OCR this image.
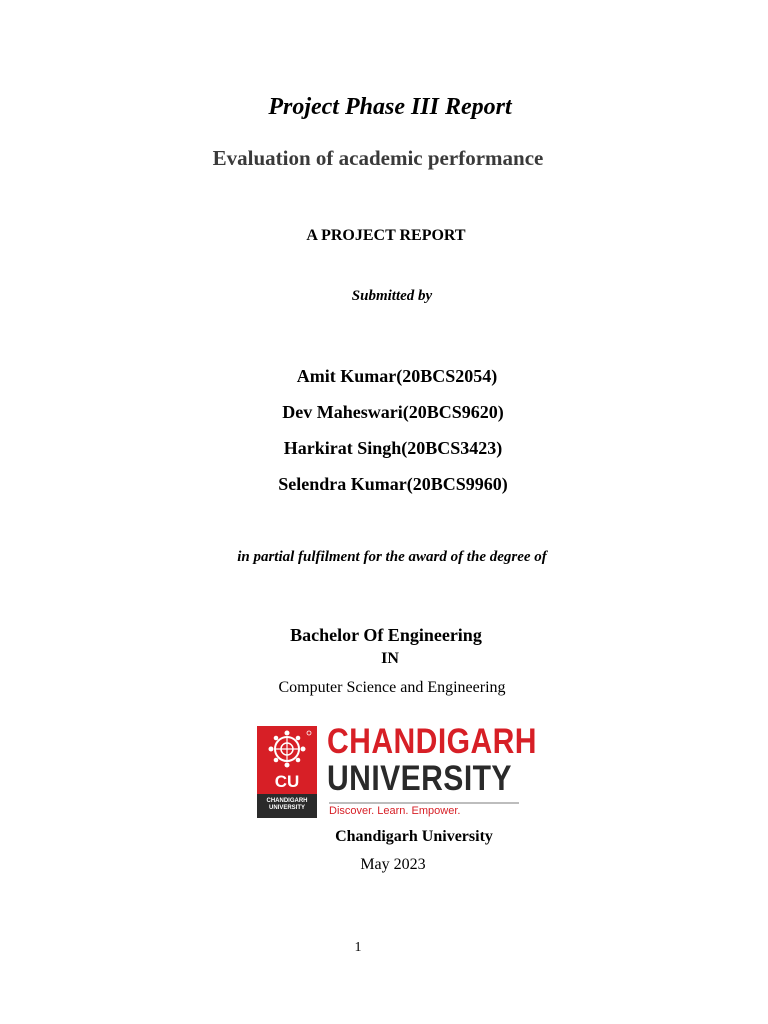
Project Phase III Report
Evaluation of academic performance
A PROJECT REPORT
Submitted by
Amit Kumar(20BCS2054)
Dev Maheswari(20BCS9620)
Harkirat Singh(20BCS3423)
Selendra Kumar(20BCS9960)
in partial fulfilment for the award of the degree of
Bachelor Of Engineering
IN
Computer Science and Engineering
CU
CHANDIGARH
UNIVERSITY
CHANDIGARH
UNIVERSITY
Discover. Learn. Empower.
Chandigarh University
May 2023
1
